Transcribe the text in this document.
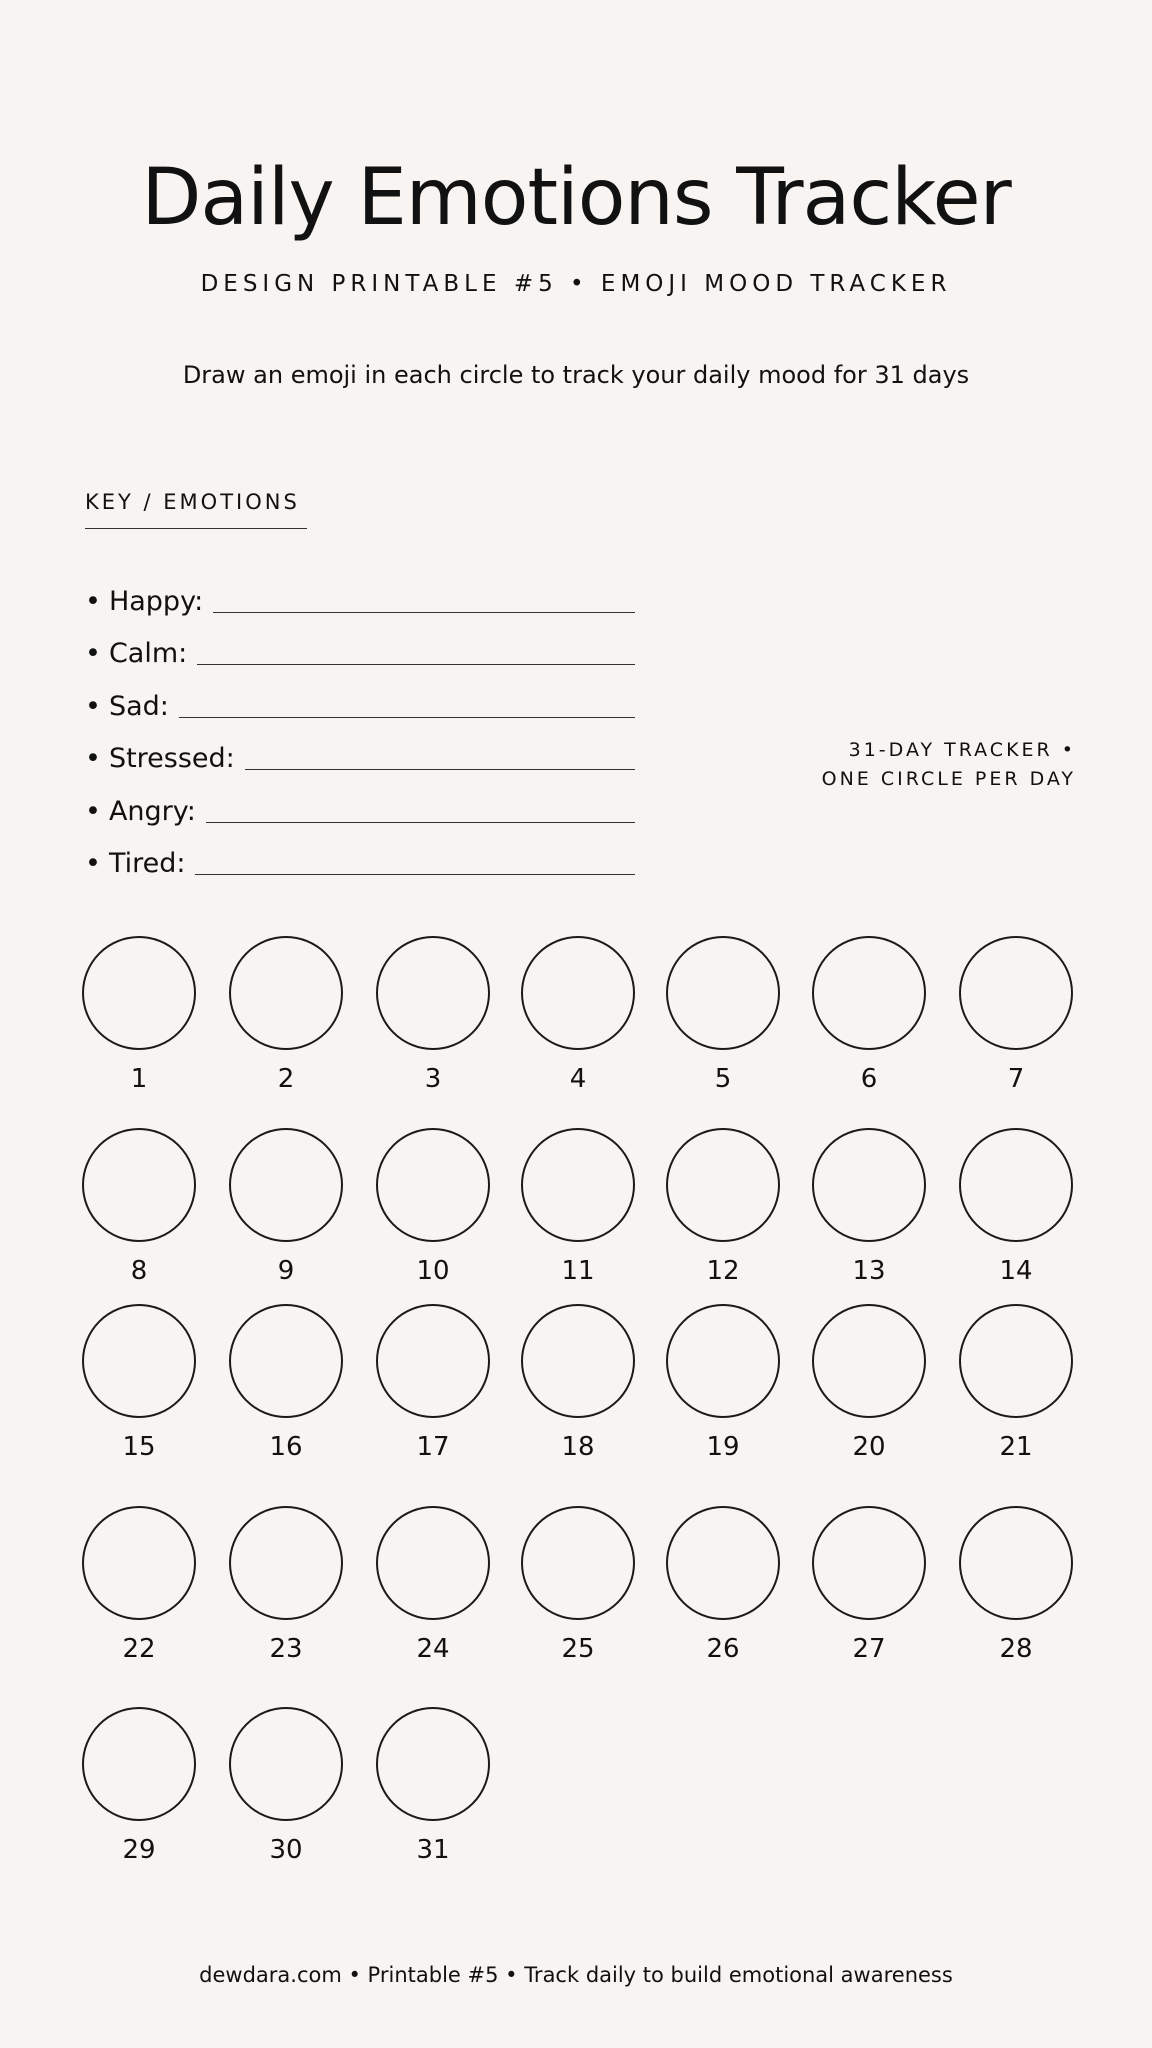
Daily Emotions Tracker
DESIGN PRINTABLE #5 • EMOJI MOOD TRACKER
Draw an emoji in each circle to track your daily mood for 31 days
KEY / EMOTIONS
• Happy:
• Calm:
• Sad:
• Stressed:
• Angry:
• Tired:
31-DAY TRACKER •
ONE CIRCLE PER DAY
1	2	3	4	5	6	7
8	9	10	11	12	13	14
15	16	17	18	19	20	21
22	23	24	25	26	27	28
29	30	31
dewdara.com • Printable #5 • Track daily to build emotional awareness
